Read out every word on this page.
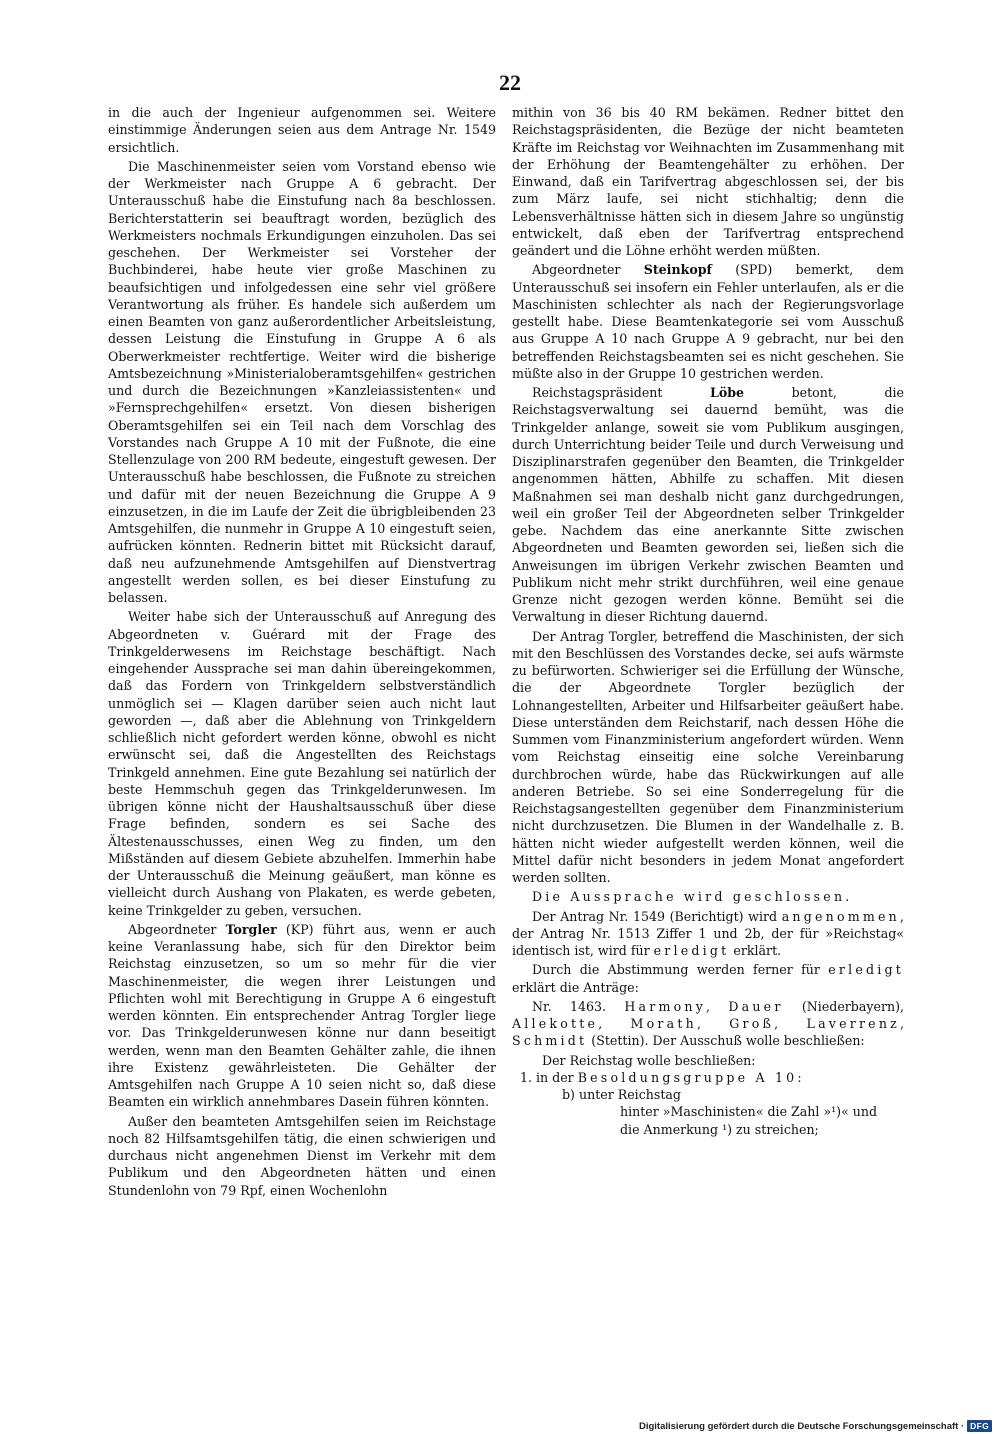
22

in die auch der Ingenieur aufgenommen sei. Weitere einstimmige Änderungen seien aus dem Antrage Nr. 1549 ersichtlich.

Die Maschinenmeister seien vom Vorstand ebenso wie der Werkmeister nach Gruppe A 6 gebracht. Der Unterausschuß habe die Einstufung nach 8a beschlossen. Berichterstatterin sei beauftragt worden, bezüglich des Werkmeisters nochmals Erkundigungen einzuholen. Das sei geschehen. Der Werkmeister sei Vorsteher der Buchbinderei, habe heute vier große Maschinen zu beaufsichtigen und infolgedessen eine sehr viel größere Verantwortung als früher. Es handele sich außerdem um einen Beamten von ganz außerordentlicher Arbeitsleistung, dessen Leistung die Einstufung in Gruppe A 6 als Oberwerkmeister rechtfertige. Weiter wird die bisherige Amtsbezeichnung »Ministerialoberamtsgehilfen« gestrichen und durch die Bezeichnungen »Kanzleiassistenten« und »Fernsprechgehilfen« ersetzt. Von diesen bisherigen Oberamtsgehilfen sei ein Teil nach dem Vorschlag des Vorstandes nach Gruppe A 10 mit der Fußnote, die eine Stellenzulage von 200 RM bedeute, eingestuft gewesen. Der Unterausschuß habe beschlossen, die Fußnote zu streichen und dafür mit der neuen Bezeichnung die Gruppe A 9 einzusetzen, in die im Laufe der Zeit die übrigbleibenden 23 Amtsgehilfen, die nunmehr in Gruppe A 10 eingestuft seien, aufrücken könnten. Rednerin bittet mit Rücksicht darauf, daß neu aufzunehmende Amtsgehilfen auf Dienstvertrag angestellt werden sollen, es bei dieser Einstufung zu belassen.

Weiter habe sich der Unterausschuß auf Anregung des Abgeordneten v. Guérard mit der Frage des Trinkgelderwesens im Reichstage beschäftigt. Nach eingehender Aussprache sei man dahin übereingekommen, daß das Fordern von Trinkgeldern selbstverständlich unmöglich sei — Klagen darüber seien auch nicht laut geworden —, daß aber die Ablehnung von Trinkgeldern schließlich nicht gefordert werden könne, obwohl es nicht erwünscht sei, daß die Angestellten des Reichstags Trinkgeld annehmen. Eine gute Bezahlung sei natürlich der beste Hemmschuh gegen das Trinkgelderunwesen. Im übrigen könne nicht der Haushaltsausschuß über diese Frage befinden, sondern es sei Sache des Ältestenausschusses, einen Weg zu finden, um den Mißständen auf diesem Gebiete abzuhelfen. Immerhin habe der Unterausschuß die Meinung geäußert, man könne es vielleicht durch Aushang von Plakaten, es werde gebeten, keine Trinkgelder zu geben, versuchen.

Abgeordneter Torgler (KP) führt aus, wenn er auch keine Veranlassung habe, sich für den Direktor beim Reichstag einzusetzen, so um so mehr für die vier Maschinenmeister, die wegen ihrer Leistungen und Pflichten wohl mit Berechtigung in Gruppe A 6 eingestuft werden könnten. Ein entsprechender Antrag Torgler liege vor. Das Trinkgelderunwesen könne nur dann beseitigt werden, wenn man den Beamten Gehälter zahle, die ihnen ihre Existenz gewährleisteten. Die Gehälter der Amtsgehilfen nach Gruppe A 10 seien nicht so, daß diese Beamten ein wirklich annehmbares Dasein führen könnten.

Außer den beamteten Amtsgehilfen seien im Reichstage noch 82 Hilfsamtsgehilfen tätig, die einen schwierigen und durchaus nicht angenehmen Dienst im Verkehr mit dem Publikum und den Abgeordneten hätten und einen Stundenlohn von 79 Rpf, einen Wochenlohn

mithin von 36 bis 40 RM bekämen. Redner bittet den Reichstagspräsidenten, die Bezüge der nicht beamteten Kräfte im Reichstag vor Weihnachten im Zusammenhang mit der Erhöhung der Beamtengehälter zu erhöhen. Der Einwand, daß ein Tarifvertrag abgeschlossen sei, der bis zum März laufe, sei nicht stichhaltig; denn die Lebensverhältnisse hätten sich in diesem Jahre so ungünstig entwickelt, daß eben der Tarifvertrag entsprechend geändert und die Löhne erhöht werden müßten.

Abgeordneter Steinkopf (SPD) bemerkt, dem Unterausschuß sei insofern ein Fehler unterlaufen, als er die Maschinisten schlechter als nach der Regierungsvorlage gestellt habe. Diese Beamtenkategorie sei vom Ausschuß aus Gruppe A 10 nach Gruppe A 9 gebracht, nur bei den betreffenden Reichstagsbeamten sei es nicht geschehen. Sie müßte also in der Gruppe 10 gestrichen werden.

Reichstagspräsident Löbe betont, die Reichstagsverwaltung sei dauernd bemüht, was die Trinkgelder anlange, soweit sie vom Publikum ausgingen, durch Unterrichtung beider Teile und durch Verweisung und Disziplinarstrafen gegenüber den Beamten, die Trinkgelder angenommen hätten, Abhilfe zu schaffen. Mit diesen Maßnahmen sei man deshalb nicht ganz durchgedrungen, weil ein großer Teil der Abgeordneten selber Trinkgelder gebe. Nachdem das eine anerkannte Sitte zwischen Abgeordneten und Beamten geworden sei, ließen sich die Anweisungen im übrigen Verkehr zwischen Beamten und Publikum nicht mehr strikt durchführen, weil eine genaue Grenze nicht gezogen werden könne. Bemüht sei die Verwaltung in dieser Richtung dauernd.

Der Antrag Torgler, betreffend die Maschinisten, der sich mit den Beschlüssen des Vorstandes decke, sei aufs wärmste zu befürworten. Schwieriger sei die Erfüllung der Wünsche, die der Abgeordnete Torgler bezüglich der Lohnangestellten, Arbeiter und Hilfsarbeiter geäußert habe. Diese unterständen dem Reichstarif, nach dessen Höhe die Summen vom Finanzministerium angefordert würden. Wenn vom Reichstag einseitig eine solche Vereinbarung durchbrochen würde, habe das Rückwirkungen auf alle anderen Betriebe. So sei eine Sonderregelung für die Reichstagsangestellten gegenüber dem Finanzministerium nicht durchzusetzen. Die Blumen in der Wandelhalle z. B. hätten nicht wieder aufgestellt werden können, weil die Mittel dafür nicht besonders in jedem Monat angefordert werden sollten.

Die Aussprache wird geschlossen.

Der Antrag Nr. 1549 (Berichtigt) wird angenommen, der Antrag Nr. 1513 Ziffer 1 und 2b, der für »Reichstag« identisch ist, wird für erledigt erklärt.

Durch die Abstimmung werden ferner für erledigt erklärt die Anträge:

Nr. 1463. Harmony, Dauer (Niederbayern), Allekotte, Morath, Groß, Laverrenz, Schmidt (Stettin). Der Ausschuß wolle beschließen:

Der Reichstag wolle beschließen:
1. in der Besoldungsgruppe A 10:
b) unter Reichstag
hinter »Maschinisten« die Zahl »¹)« und
die Anmerkung ¹) zu streichen;
Digitalisierung gefördert durch die Deutsche Forschungsgemeinschaft · DFG
